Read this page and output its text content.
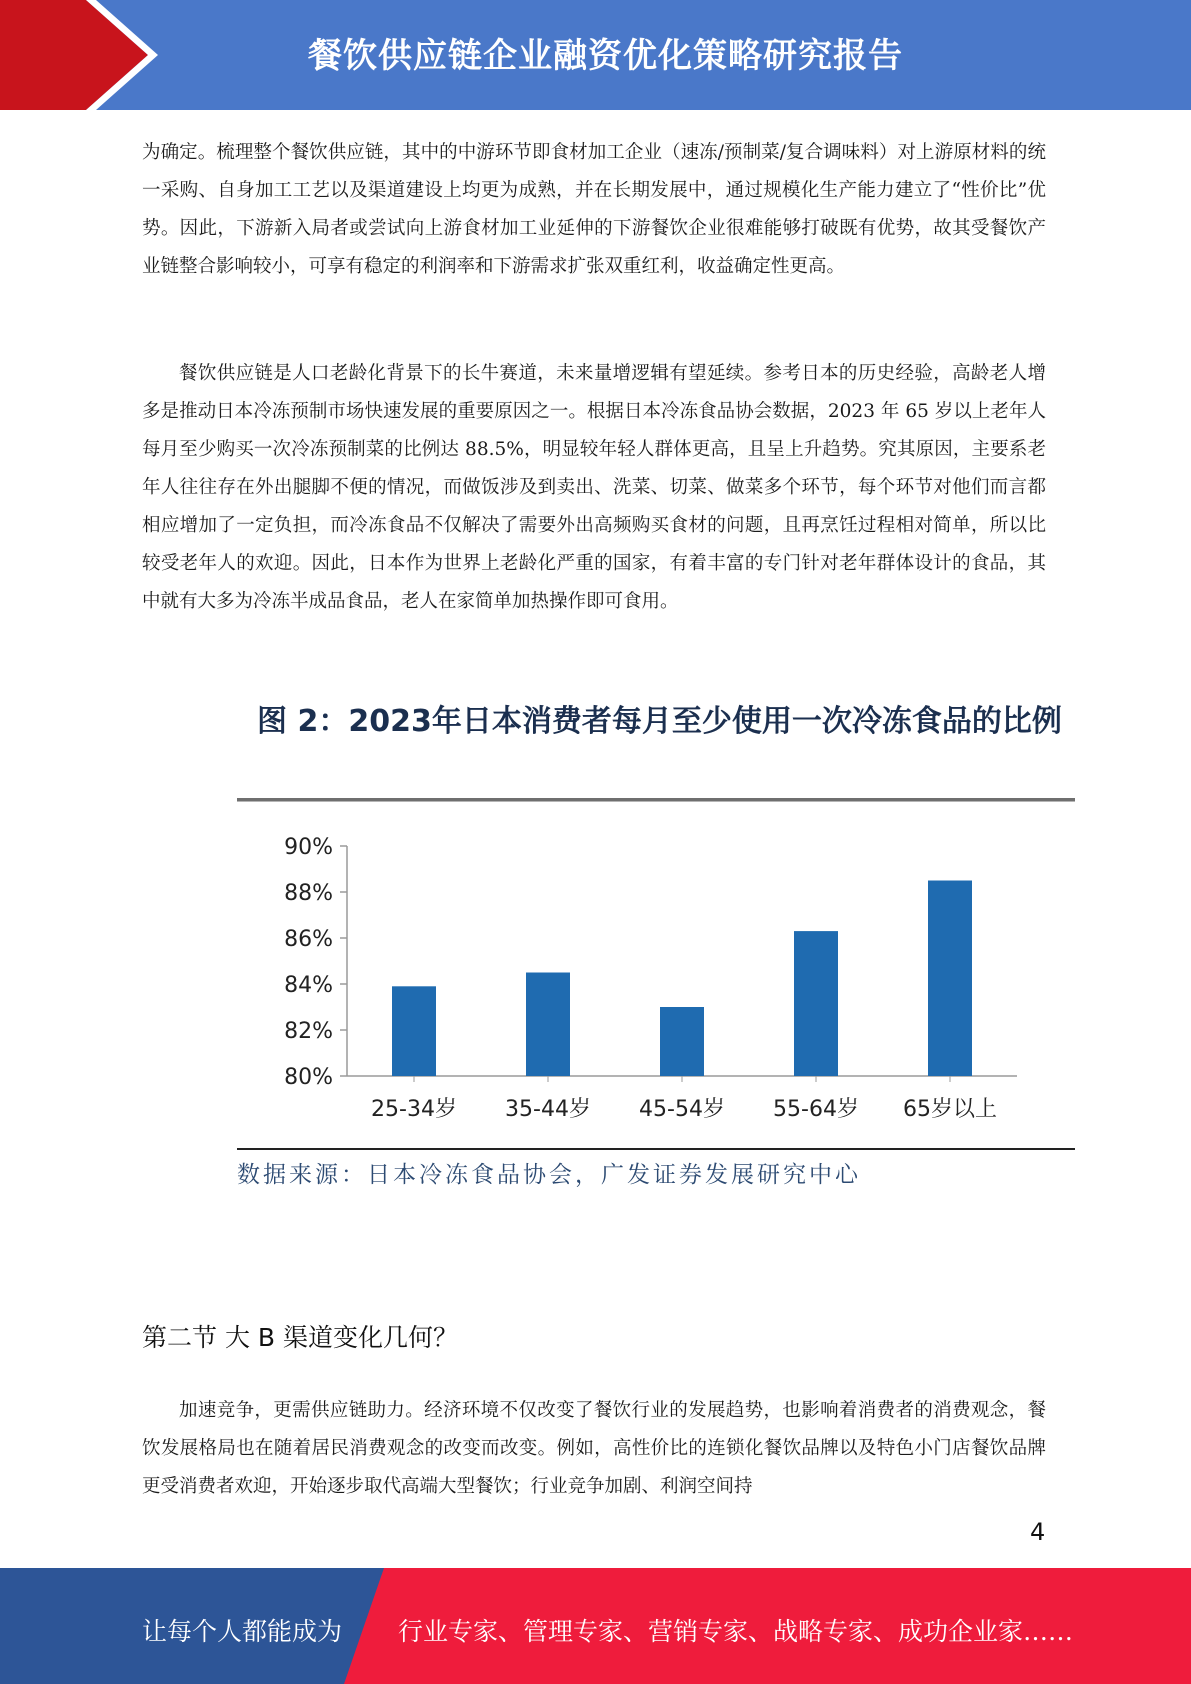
餐饮供应链企业融资优化策略研究报告

为确定。梳理整个餐饮供应链，其中的中游环节即食材加工企业（速冻/预制菜/复合调味料）对上游原材料的统一采购、自身加工工艺以及渠道建设上均更为成熟，并在长期发展中，通过规模化生产能力建立了“性价比”优势。因此，下游新入局者或尝试向上游食材加工业延伸的下游餐饮企业很难能够打破既有优势，故其受餐饮产业链整合影响较小，可享有稳定的利润率和下游需求扩张双重红利，收益确定性更高。

餐饮供应链是人口老龄化背景下的长牛赛道，未来量增逻辑有望延续。参考日本的历史经验，高龄老人增多是推动日本冷冻预制市场快速发展的重要原因之一。根据日本冷冻食品协会数据，2023 年 65 岁以上老年人每月至少购买一次冷冻预制菜的比例达 88.5%，明显较年轻人群体更高，且呈上升趋势。究其原因，主要系老年人往往存在外出腿脚不便的情况，而做饭涉及到卖出、洗菜、切菜、做菜多个环节，每个环节对他们而言都相应增加了一定负担，而冷冻食品不仅解决了需要外出高频购买食材的问题，且再烹饪过程相对简单，所以比较受老年人的欢迎。因此，日本作为世界上老龄化严重的国家，有着丰富的专门针对老年群体设计的食品，其中就有大多为冷冻半成品食品，老人在家简单加热操作即可食用。

图 2：2023年日本消费者每月至少使用一次冷冻食品的比例

80%
82%
84%
86%
88%
90%
25-34岁 35-44岁 45-54岁 55-64岁 65岁以上
数据来源：日本冷冻食品协会，广发证券发展研究中心
第二节 大 B 渠道变化几何？

加速竞争，更需供应链助力。经济环境不仅改变了餐饮行业的发展趋势，也影响着消费者的消费观念，餐饮发展格局也在随着居民消费观念的改变而改变。例如，高性价比的连锁化餐饮品牌以及特色小门店餐饮品牌更受消费者欢迎，开始逐步取代高端大型餐饮；行业竞争加剧、利润空间持

4
让每个人都能成为 行业专家、管理专家、营销专家、战略专家、成功企业家……
